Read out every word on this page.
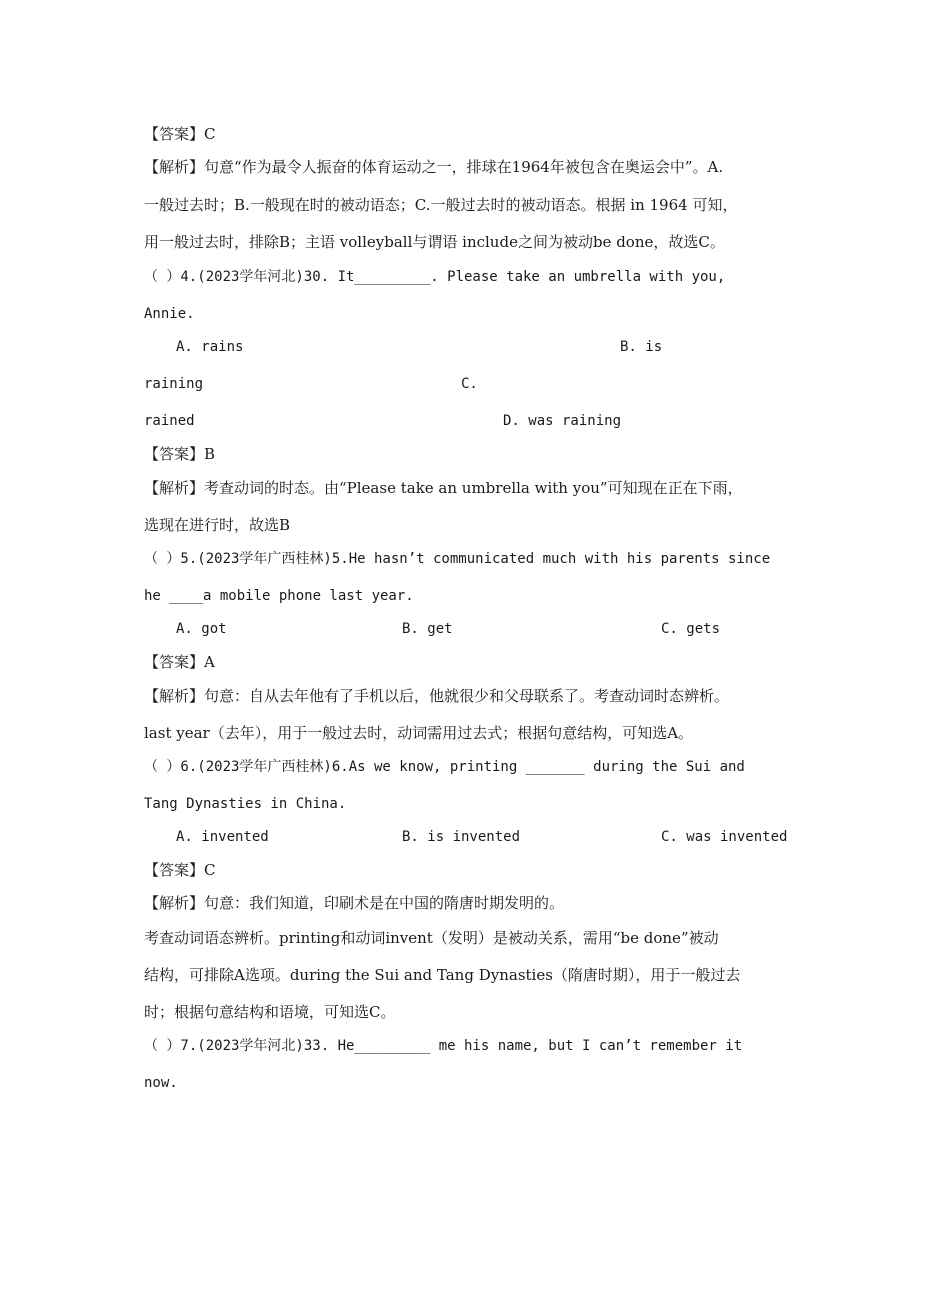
【答案】C
【解析】句意“作为最令人振奋的体育运动之一，排球在1964年被包含在奥运会中”。A.
一般过去时；B.一般现在时的被动语态；C.一般过去时的被动语态。根据 in 1964 可知，
用一般过去时，排除B；主语 volleyball与谓语 include之间为被动be done，故选C。
（ ）4.(2023学年河北)30. It_________. Please take an umbrella with you,
Annie.
A. rains	B. is
raining	C.
rained	D. was raining
【答案】B
【解析】考查动词的时态。由“Please take an umbrella with you”可知现在正在下雨，
选现在进行时，故选B
（ ）5.(2023学年广西桂林)5.He hasn’t communicated much with his parents since
he ____a mobile phone last year.
A. got	B. get	C. gets
【答案】A
【解析】句意：自从去年他有了手机以后，他就很少和父母联系了。考查动词时态辨析。
last year（去年），用于一般过去时，动词需用过去式；根据句意结构，可知选A。
（ ）6.(2023学年广西桂林)6.As we know, printing _______ during the Sui and
Tang Dynasties in China.
A. invented	B. is invented	C. was invented
【答案】C
【解析】句意：我们知道，印刷术是在中国的隋唐时期发明的。
考查动词语态辨析。printing和动词invent（发明）是被动关系，需用“be done”被动
结构，可排除A选项。during the Sui and Tang Dynasties（隋唐时期），用于一般过去
时；根据句意结构和语境，可知选C。
（ ）7.(2023学年河北)33. He_________ me his name, but I can’t remember it
now.
